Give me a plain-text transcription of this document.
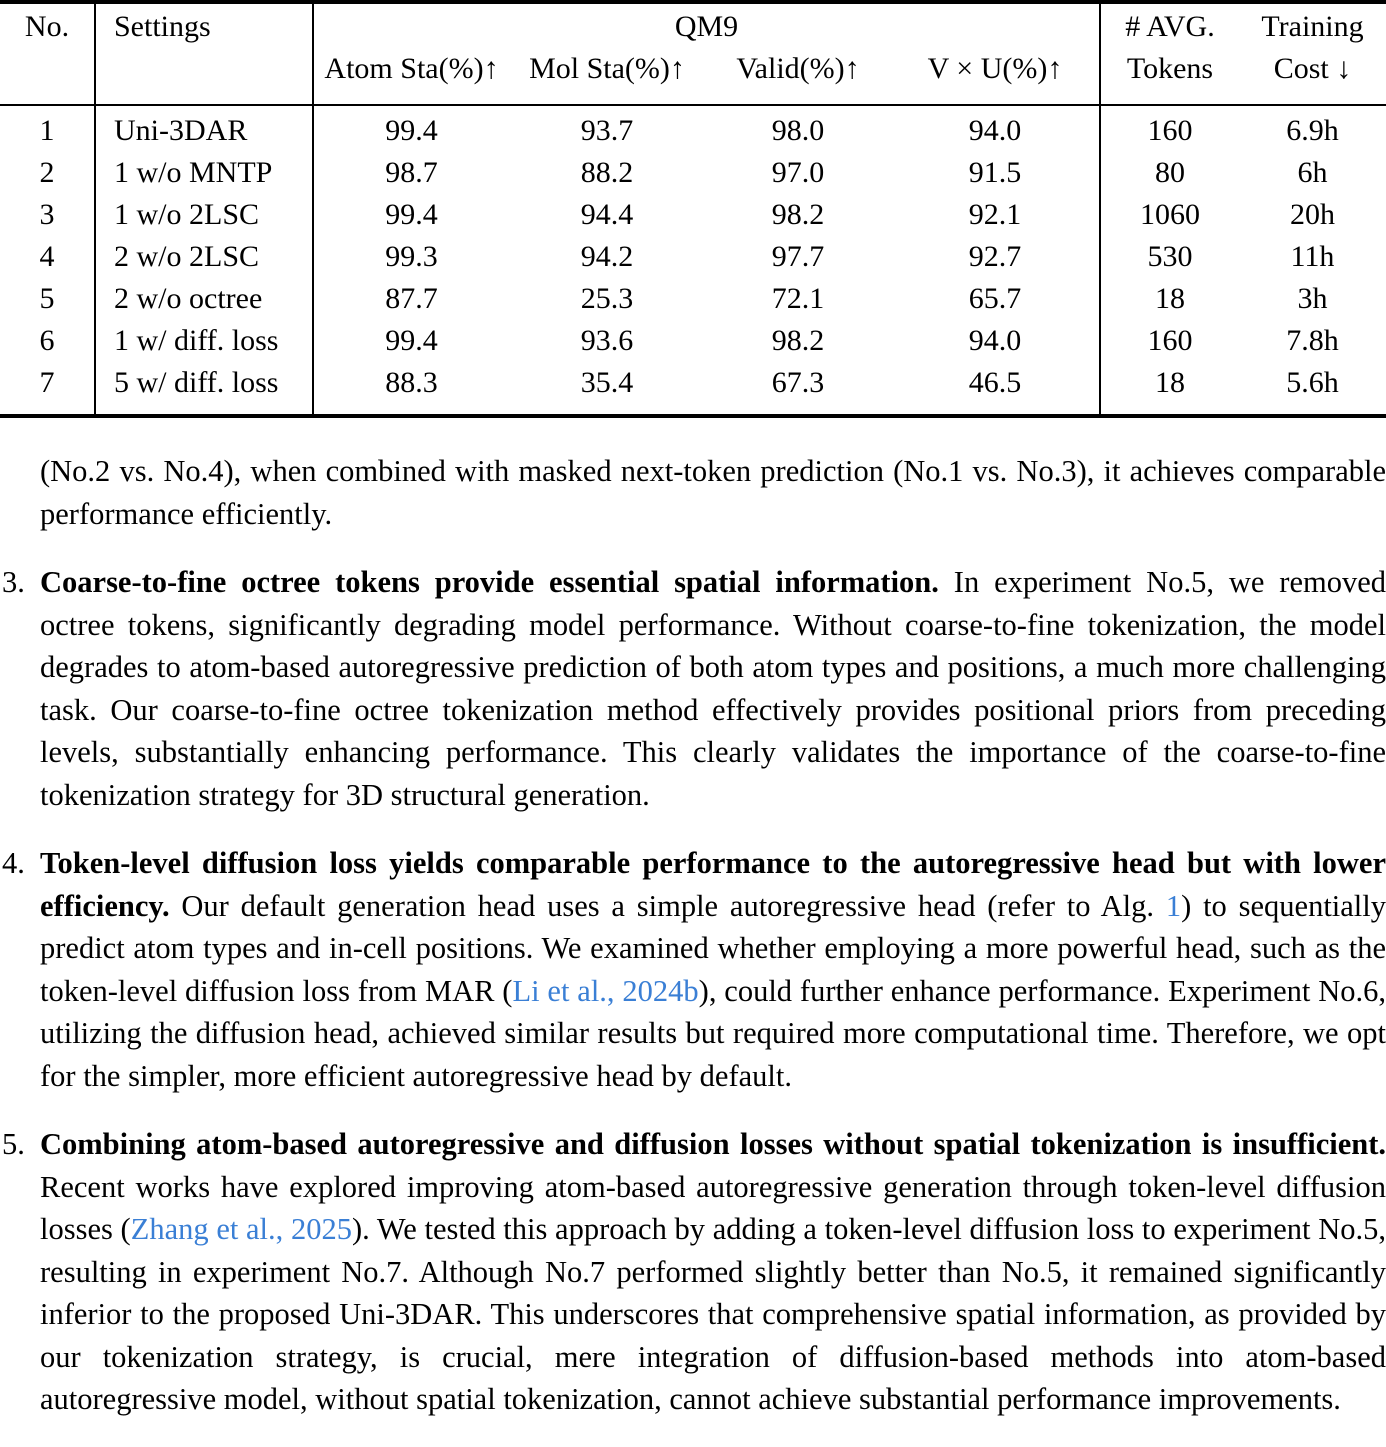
No.	Settings	QM9				# AVG.	Training
		Atom Sta(%)↑	Mol Sta(%)↑	Valid(%)↑	V × U(%)↑	Tokens	Cost ↓

1	Uni-3DAR	99.4	93.7	98.0	94.0	160	6.9h
2	1 w/o MNTP	98.7	88.2	97.0	91.5	80	6h
3	1 w/o 2LSC	99.4	94.4	98.2	92.1	1060	20h
4	2 w/o 2LSC	99.3	94.2	97.7	92.7	530	11h
5	2 w/o octree	87.7	25.3	72.1	65.7	18	3h
6	1 w/ diff. loss	99.4	93.6	98.2	94.0	160	7.8h
7	5 w/ diff. loss	88.3	35.4	67.3	46.5	18	5.6h

(No.2 vs. No.4), when combined with masked next-token prediction (No.1 vs. No.3), it achieves comparable performance efficiently.

3. Coarse-to-fine octree tokens provide essential spatial information. In experiment No.5, we removed octree tokens, significantly degrading model performance. Without coarse-to-fine tokenization, the model degrades to atom-based autoregressive prediction of both atom types and positions, a much more challenging task. Our coarse-to-fine octree tokenization method effectively provides positional priors from preceding levels, substantially enhancing performance. This clearly validates the importance of the coarse-to-fine tokenization strategy for 3D structural generation.

4. Token-level diffusion loss yields comparable performance to the autoregressive head but with lower efficiency. Our default generation head uses a simple autoregressive head (refer to Alg. 1) to sequentially predict atom types and in-cell positions. We examined whether employing a more powerful head, such as the token-level diffusion loss from MAR (Li et al., 2024b), could further enhance performance. Experiment No.6, utilizing the diffusion head, achieved similar results but required more computational time. Therefore, we opt for the simpler, more efficient autoregressive head by default.

5. Combining atom-based autoregressive and diffusion losses without spatial tokenization is insufficient. Recent works have explored improving atom-based autoregressive generation through token-level diffusion losses (Zhang et al., 2025). We tested this approach by adding a token-level diffusion loss to experiment No.5, resulting in experiment No.7. Although No.7 performed slightly better than No.5, it remained significantly inferior to the proposed Uni-3DAR. This underscores that comprehensive spatial information, as provided by our tokenization strategy, is crucial, mere integration of diffusion-based methods into atom-based autoregressive model, without spatial tokenization, cannot achieve substantial performance improvements.
